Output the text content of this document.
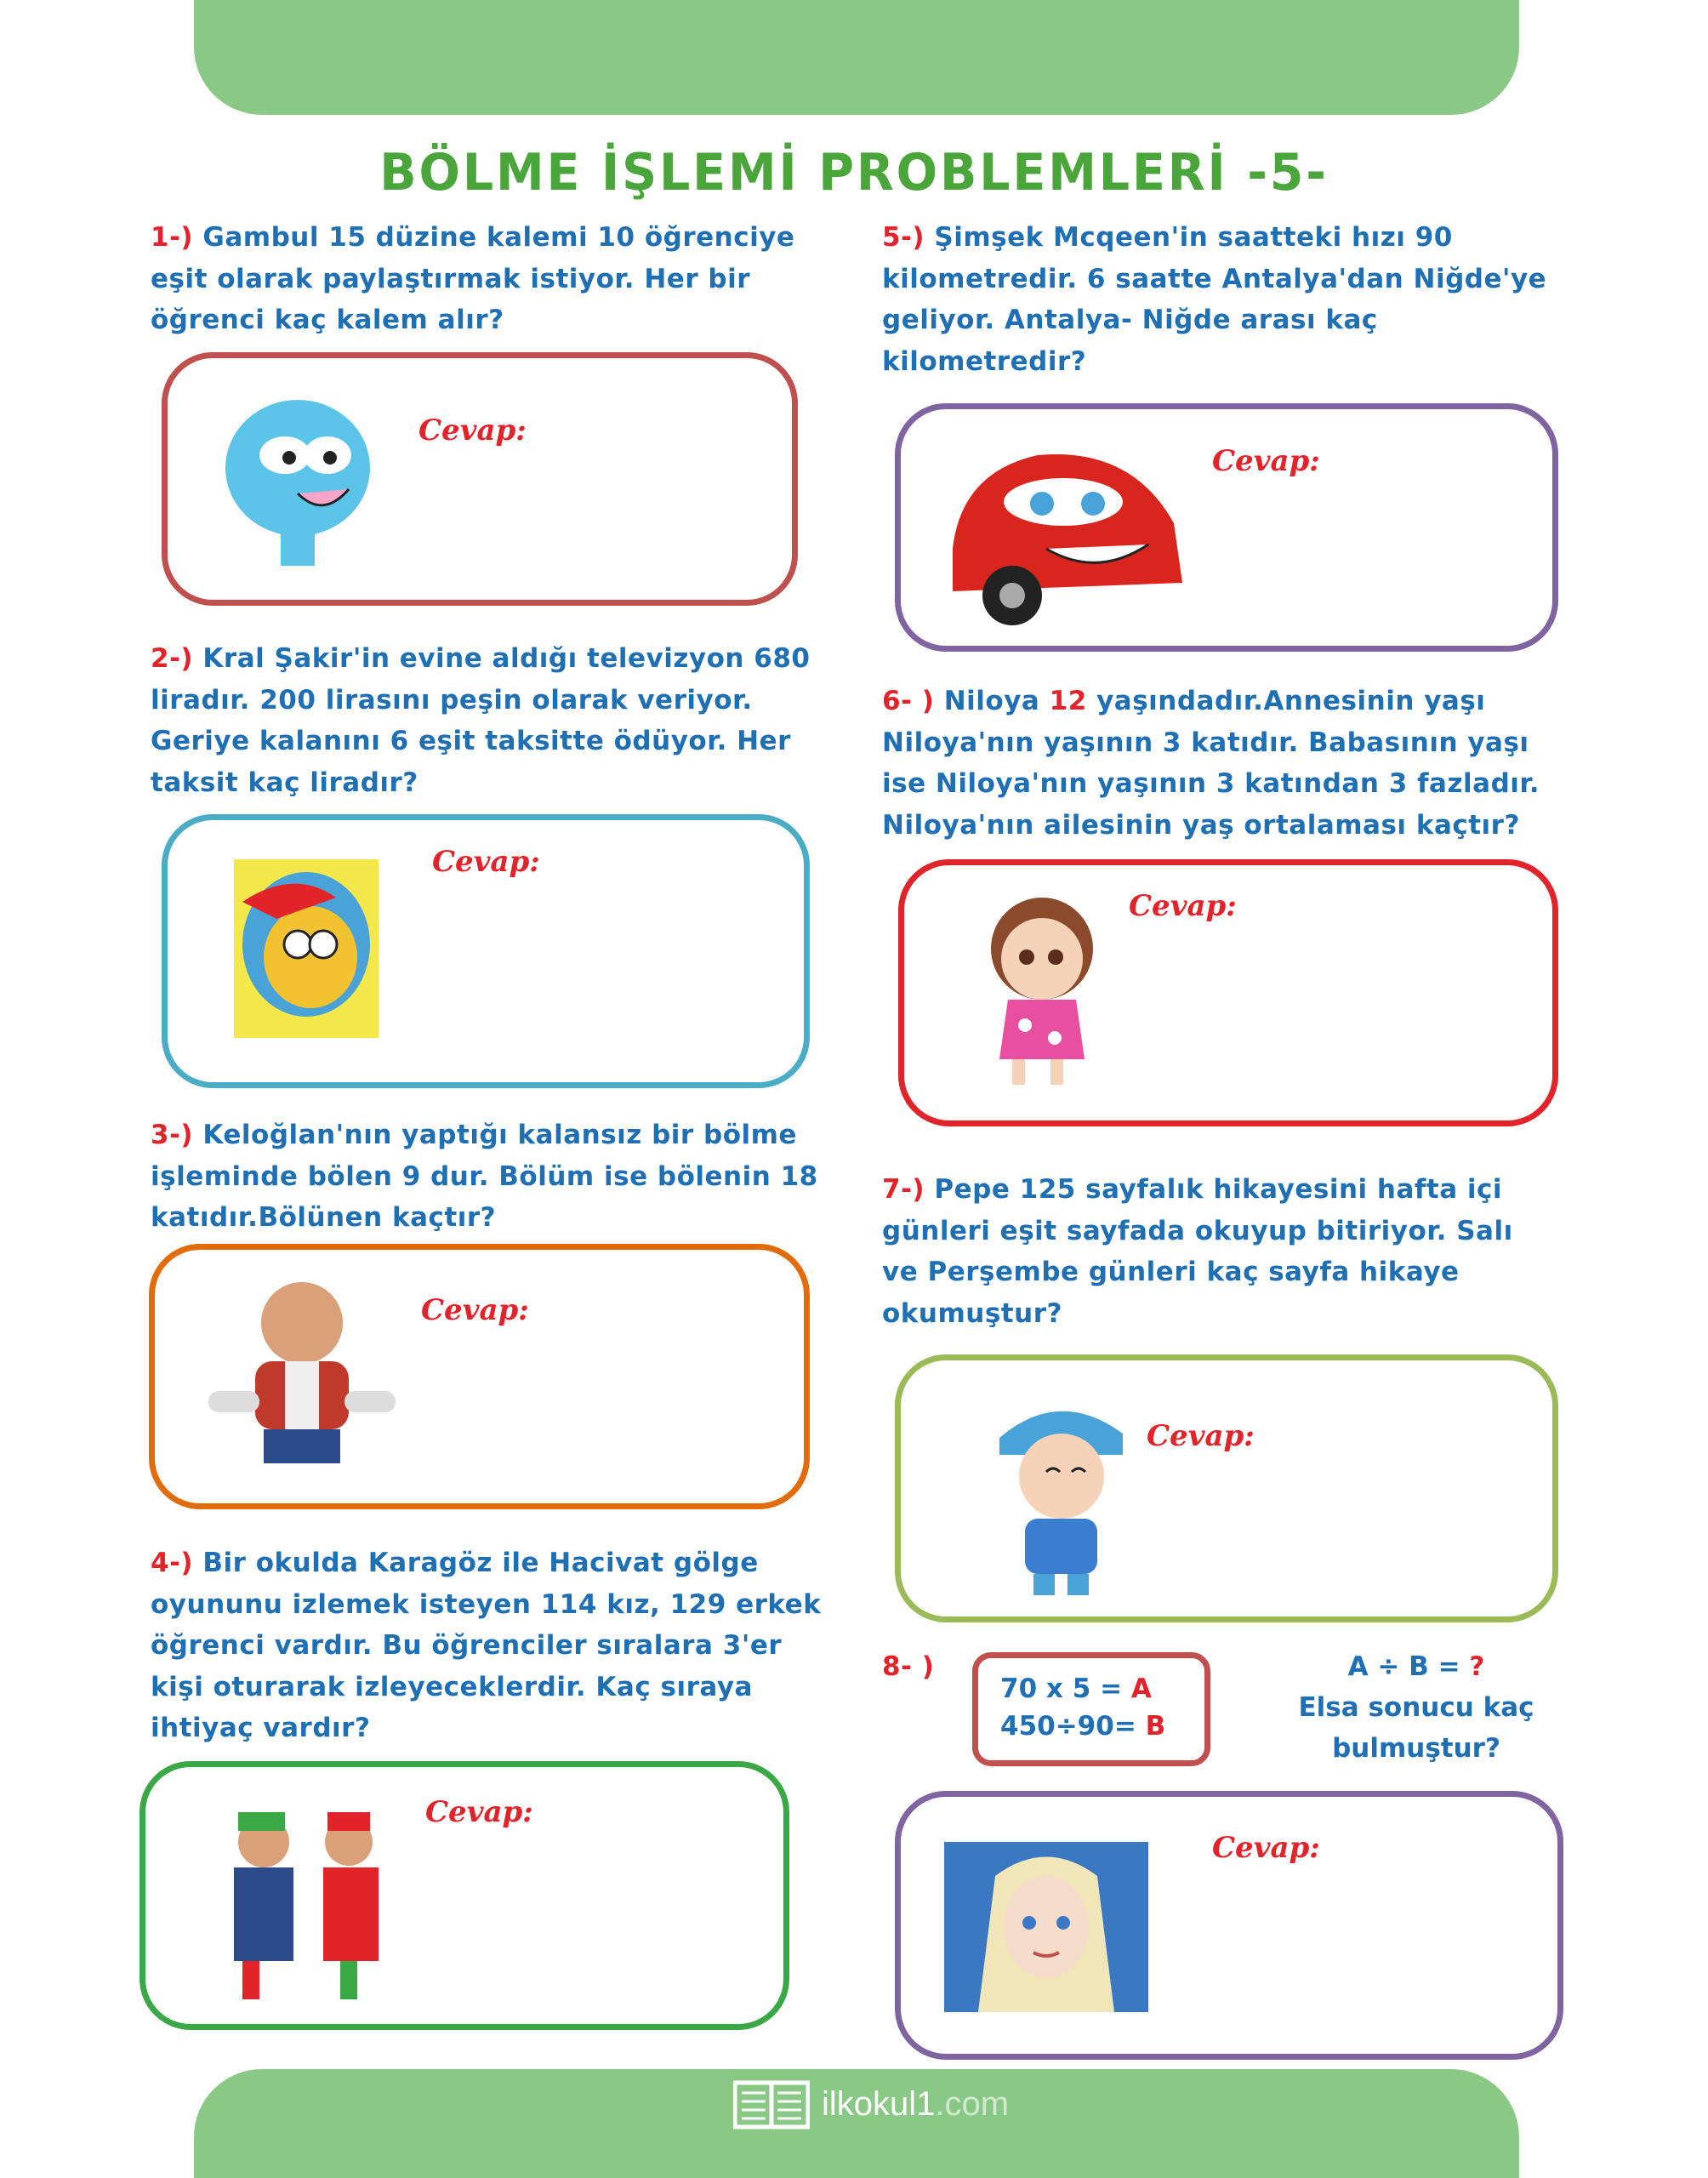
BÖLME İŞLEMİ PROBLEMLERİ -5-
1-) Gambul 15 düzine kalemi 10 öğrenciye
eşit olarak paylaştırmak istiyor. Her bir
öğrenci kaç kalem alır?
Cevap:
2-) Kral Şakir'in evine aldığı televizyon 680
liradır. 200 lirasını peşin olarak veriyor.
Geriye kalanını 6 eşit taksitte ödüyor. Her
taksit kaç liradır?
Cevap:
3-) Keloğlan'nın yaptığı kalansız bir bölme
işleminde bölen 9 dur. Bölüm ise bölenin 18
katıdır.Bölünen kaçtır?
Cevap:
4-) Bir okulda Karagöz ile Hacivat gölge
oyununu izlemek isteyen 114 kız, 129 erkek
öğrenci vardır. Bu öğrenciler sıralara 3'er
kişi oturarak izleyeceklerdir. Kaç sıraya
ihtiyaç vardır?
Cevap:
5-) Şimşek Mcqeen'in saatteki hızı 90
kilometredir. 6 saatte Antalya'dan Niğde'ye
geliyor. Antalya- Niğde arası kaç
kilometredir?
Cevap:
6- ) Niloya 12 yaşındadır.Annesinin yaşı
Niloya'nın yaşının 3 katıdır. Babasının yaşı
ise Niloya'nın yaşının 3 katından 3 fazladır.
Niloya'nın ailesinin yaş ortalaması kaçtır?
Cevap:
7-) Pepe 125 sayfalık hikayesini hafta içi
günleri eşit sayfada okuyup bitiriyor. Salı
ve Perşembe günleri kaç sayfa hikaye
okumuştur?
Cevap:
8- )
70 x 5 = A
450÷90= B
A ÷ B = ?
Elsa sonucu kaç
bulmuştur?
Cevap:
ilkokul1.com
